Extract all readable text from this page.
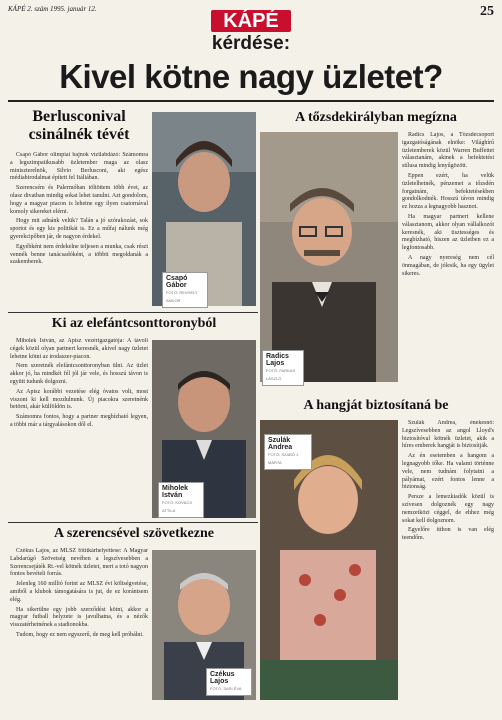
KÁPÉ 2. szám 1995. január 12.	25
KÁPÉ
kérdése:
Kivel kötne nagy üzletet?
Berlusconival
csinálnék tévét

Csapó Gábor olimpiai bajnok vízilabdázó: Számomra a legszimpatikusabb üzletember maga az olasz miniszterelnök, Silvio Berlusconi, aki egész médiabirodalmat épített fel Itáliában.

Szerencsém és Palermóban töltöttem több évet, az olasz divatban mindig sokat lehet tanulni. Azt gondolom, hogy a magyar piacon is lehetne egy ilyen csatornával komoly sikereket elérni.

Hogy mit adnánk velük? Talán a jó szórakozást, sok sportot és egy kis politikát is. Ez a műfaj nálunk még gyerekcipőben jár, de nagyon érdekel.

Egyébként nem érdekelne teljesen a munka, csak részt vennék benne tanácsadóként, a többit megoldanák a szakemberek.

Csapó
Gábor
FOTÓ: REVHELY ANDOR
A tőzsdekirályban megízna
Radics
Lajos
FOTÓ: FARKAS LÁSZLÓ

Radics Lajos, a Tőzsdecsoport igazgatóságának elnöke: Világhírű üzletemberek közül Warren Buffettet választanám, akinek a befektetési stílusa mindig lenyűgözött.

Eppen ezért, ha velük üzletelhetnék, pénzemet a tőzsdén forgatnám, befektetésekben gondolkodnék. Hosszú távon mindig ez hozza a legnagyobb hasznot.

Ha magyar partnert kellene választanom, akkor olyan vállalkozót keresnék, aki tisztességes és megbízható, hiszen az üzletben ez a legfontosabb.

A nagy nyereség nem cél önmagában, de jólesik, ha egy ügylet sikeres.

Ki az elefántcsonttoronyból

Miholek István, az Apisz vezérigazgatója: A távoli cégek közül olyan partnert keresnék, akivel nagy üzletet lehetne kötni az irodaszer-piacon.

Nem szeretnék elefántcsonttoronyban ülni. Az üzlet akkor jó, ha mindkét fél jól jár vele, és hosszú távon is együtt tudunk dolgozni.

Az Apisz korábbi vezetése elég óvatos volt, most viszont ki kell mozdulnunk. Új piacokra szeretnénk betörni, akár külföldön is.

Számomra fontos, hogy a partner megbízható legyen, a többi már a tárgyalásokon dől el.

Miholek
István
FOTÓ: KOVÁCS ATTILA
A hangját biztosítaná be
Szulák
Andrea
FOTÓ: SZABÓ J. MÁRTA

Szulák Andrea, énekesnő: Legszívesebben az angol Lloyd's biztosítóval kötnék üzletet, akik a híres emberek hangját is biztosítják.

Az én esetemben a hangom a legnagyobb tőke. Ha valami történne vele, nem tudnám folytatni a pályámat, ezért fontos lenne a biztonság.

Persze a lemezkiadók közül is szívesen dolgoznék egy nagy nemzetközi céggel, de ehhez még sokat kell dolgoznom.

Egyelőre itthon is van elég teendőm.

A szerencsével szövetkezne

Czékus Lajos, az MLSZ főtitkárhelyettese: A Magyar Labdarúgó Szövetség nevében a legszívesebben a Szerencsejáték Rt.-vel kötnék üzletet, mert a totó nagyon fontos bevételi forrás.

Jelenleg 160 millió forint az MLSZ évi költségvetése, amiből a klubok támogatására is jut, de ez korántsem elég.

Ha sikerülne egy jobb szerződést kötni, akkor a magyar futball helyzete is javulhatna, és a nézők visszatérhetnének a stadionokba.

Tudom, hogy ez nem egyszerű, de meg kell próbálni.

Czékus
Lajos
FOTÓ: SARI ÉVA
